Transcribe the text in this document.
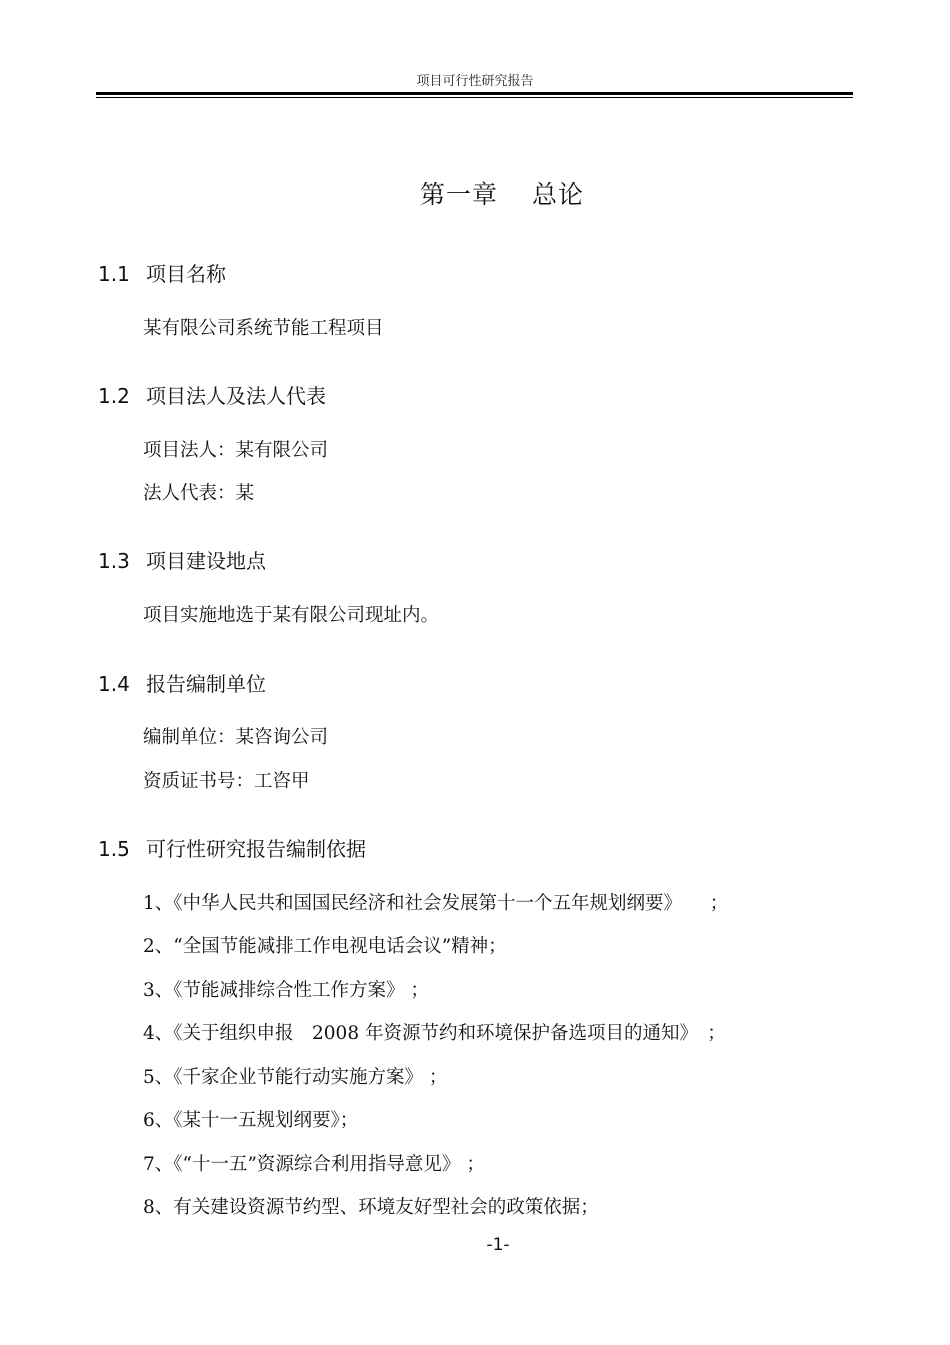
项目可行性研究报告
第一章 总论
1.1 项目名称
某有限公司系统节能工程项目
1.2 项目法人及法人代表
项目法人：某有限公司
法人代表：某
1.3 项目建设地点
项目实施地选于某有限公司现址内。
1.4 报告编制单位
编制单位：某咨询公司
资质证书号：工咨甲
1.5 可行性研究报告编制依据
1、《中华人民共和国国民经济和社会发展第十一个五年规划纲要》　　；
2、“全国节能减排工作电视电话会议”精神；
3、《节能减排综合性工作方案》 ；
4、《关于组织申报　2008 年资源节约和环境保护备选项目的通知》　；
5、《千家企业节能行动实施方案》 ；
6、《某十一五规划纲要》；
7、《“十一五”资源综合利用指导意见》 ；
8、有关建设资源节约型、环境友好型社会的政策依据；
-1-
